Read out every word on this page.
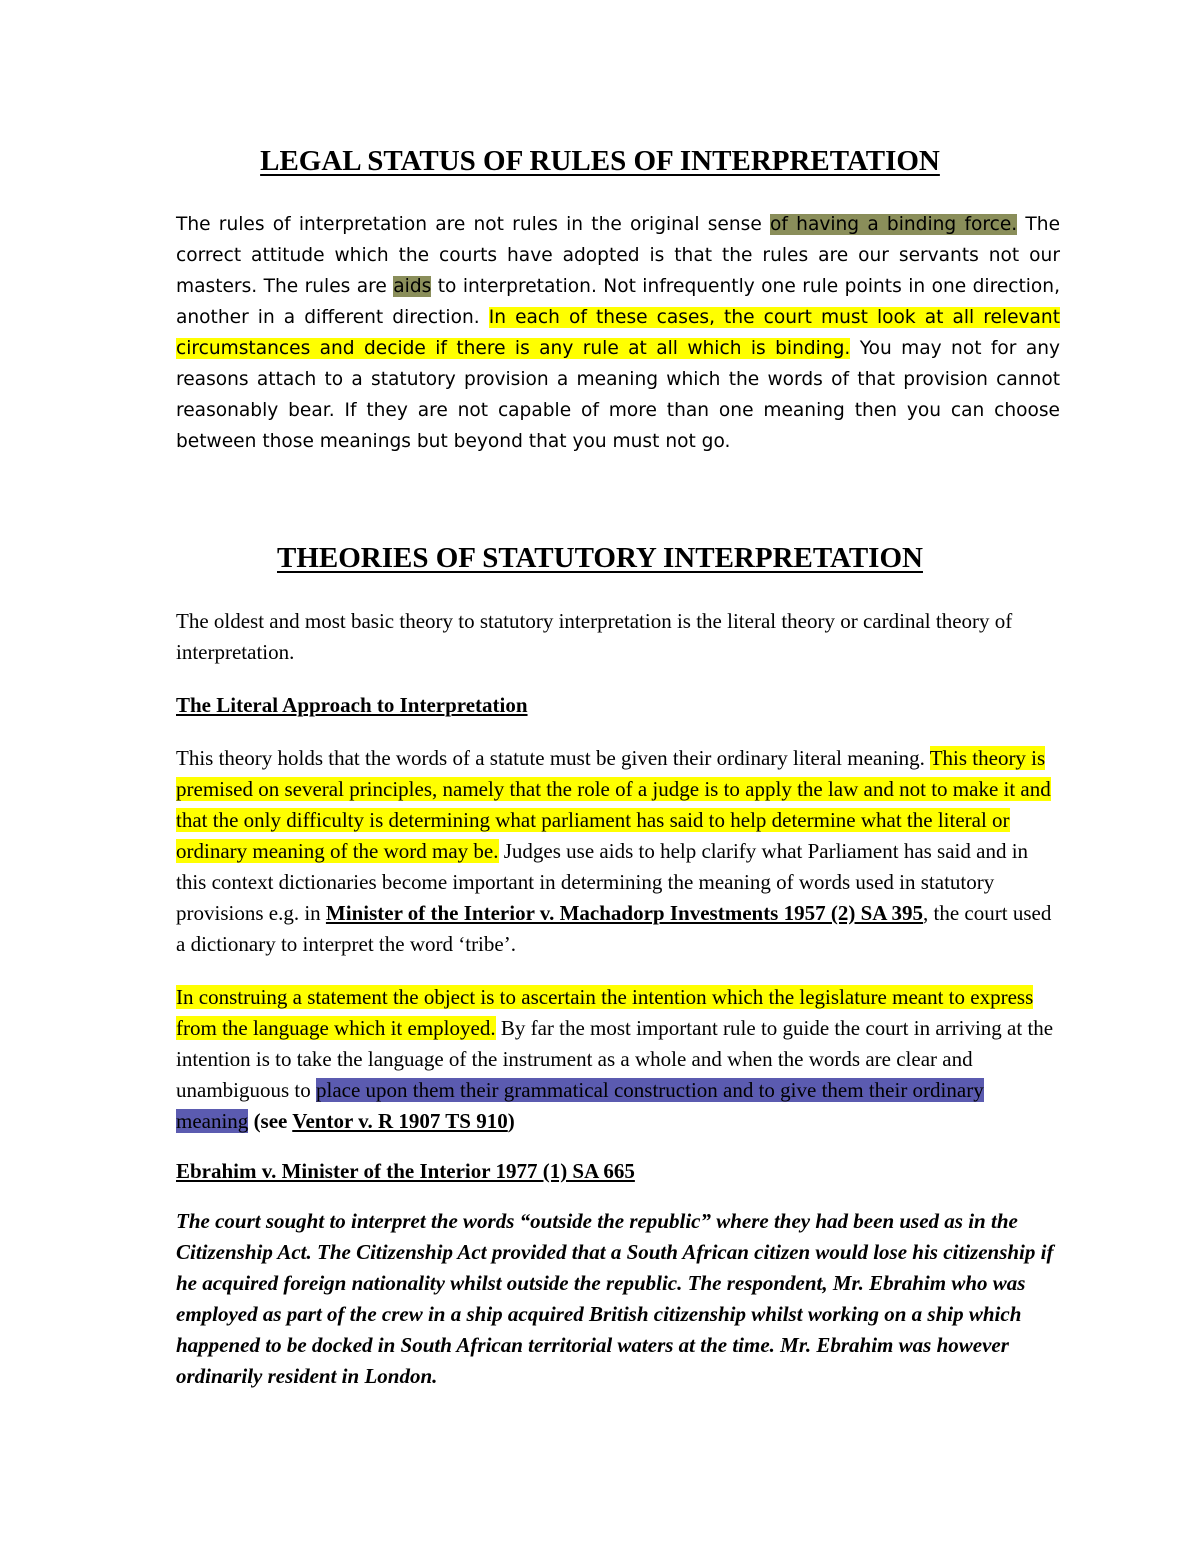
LEGAL STATUS OF RULES OF INTERPRETATION

The rules of interpretation are not rules in the original sense of having a binding force. The correct attitude which the courts have adopted is that the rules are our servants not our masters. The rules are aids to interpretation. Not infrequently one rule points in one direction, another in a different direction. In each of these cases, the court must look at all relevant circumstances and decide if there is any rule at all which is binding. You may not for any reasons attach to a statutory provision a meaning which the words of that provision cannot reasonably bear. If they are not capable of more than one meaning then you can choose between those meanings but beyond that you must not go.

THEORIES OF STATUTORY INTERPRETATION

The oldest and most basic theory to statutory interpretation is the literal theory or cardinal theory of interpretation.

The Literal Approach to Interpretation

This theory holds that the words of a statute must be given their ordinary literal meaning. This theory is premised on several principles, namely that the role of a judge is to apply the law and not to make it and that the only difficulty is determining what parliament has said to help determine what the literal or ordinary meaning of the word may be. Judges use aids to help clarify what Parliament has said and in this context dictionaries become important in determining the meaning of words used in statutory provisions e.g. in Minister of the Interior v. Machadorp Investments 1957 (2) SA 395, the court used a dictionary to interpret the word ‘tribe’.

In construing a statement the object is to ascertain the intention which the legislature meant to express from the language which it employed. By far the most important rule to guide the court in arriving at the intention is to take the language of the instrument as a whole and when the words are clear and unambiguous to place upon them their grammatical construction and to give them their ordinary meaning (see Ventor v. R 1907 TS 910)

Ebrahim v. Minister of the Interior 1977 (1) SA 665

The court sought to interpret the words “outside the republic” where they had been used as in the Citizenship Act. The Citizenship Act provided that a South African citizen would lose his citizenship if he acquired foreign nationality whilst outside the republic. The respondent, Mr. Ebrahim who was employed as part of the crew in a ship acquired British citizenship whilst working on a ship which happened to be docked in South African territorial waters at the time. Mr. Ebrahim was however ordinarily resident in London.
